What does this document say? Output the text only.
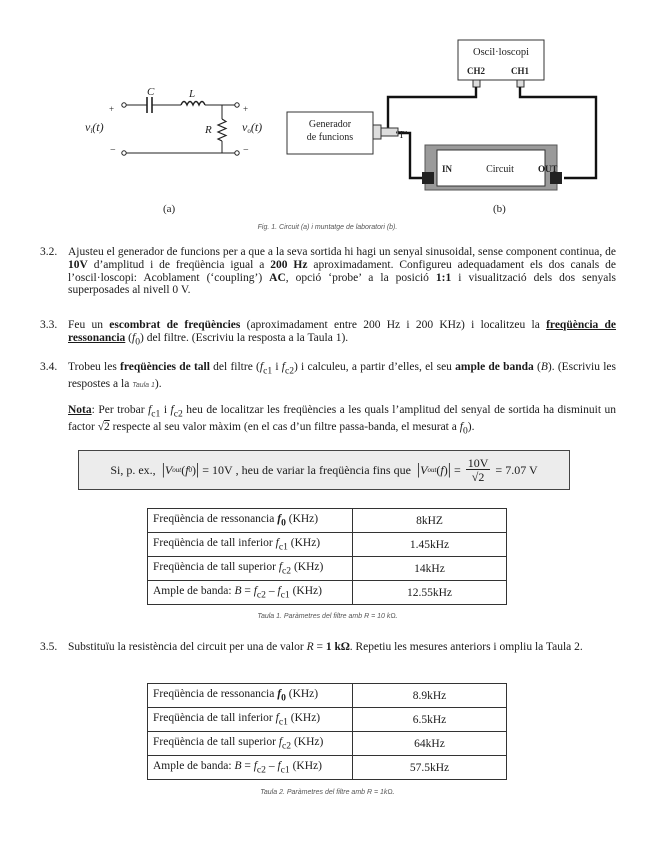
C	L
R
+
−
+
−
vi(t)	vo(t)
(a)
Oscil·loscopi
CH2	CH1
Generador
de funcions	‘T’
IN	Circuit	OUT
(b)
Fig. 1. Circuit (a) i muntatge de laboratori (b).
3.2. Ajusteu el generador de funcions per a que a la seva sortida hi hagi un senyal sinusoidal, sense component continua, de 10V d’amplitud i de freqüència igual a 200 Hz aproximadament. Configureu adequadament els dos canals de l’oscil·loscopi: Acoblament (‘coupling’) AC, opció ‘probe’ a la posició 1:1 i visualització dels dos senyals superposades al nivell 0 V.
3.3. Feu un escombrat de freqüències (aproximadament entre 200 Hz i 200 KHz) i localitzeu la freqüència de ressonancia $(f_0)$ del filtre. (Escriviu la resposta a la Taula 1).
3.4. Trobeu les freqüències de tall del filtre ($f_{c1}$ i $f_{c2}$) i calculeu, a partir d’elles, el seu ample de banda (B). (Escriviu les respostes a la Taula 1).
Nota: Per trobar $f_{c1}$ i $f_{c2}$ heu de localitzar les freqüències a les quals l’amplitud del senyal de sortida ha disminuit un factor √2 respecte al seu valor màxim (en el cas d’un filtre passa-banda, el mesurat a $f_0$).
Si, p. ex., | V out ( f 0 ) | = 10V , heu de variar la freqüència fins que | V out ( f ) | = $\frac{10V}{√2} = 7.07$ V
Freqüència de ressonancia $f_0$ (KHz)	8kHZ
Freqüència de tall inferior $f_{c1}$ (KHz)	1.45kHz
Freqüència de tall superior $f_{c2}$ (KHz)	14kHz
Ample de banda: $B = f_{c2} - f_{c1}$ (KHz)	12.55kHz
Taula 1. Paràmetres del filtre amb R = 10 kΩ.
3.5. Substituïu la resistència del circuit per una de valor R = 1 kΩ. Repetiu les mesures anteriors i ompliu la Taula 2.
Freqüència de ressonancia $f_0$ (KHz)	8.9kHz
Freqüència de tall inferior $f_{c1}$ (KHz)	6.5kHz
Freqüència de tall superior $f_{c2}$ (KHz)	64kHz
Ample de banda: $B = f_{c2} - f_{c1}$ (KHz)	57.5kHz
Taula 2. Paràmetres del filtre amb R = 1kΩ.
